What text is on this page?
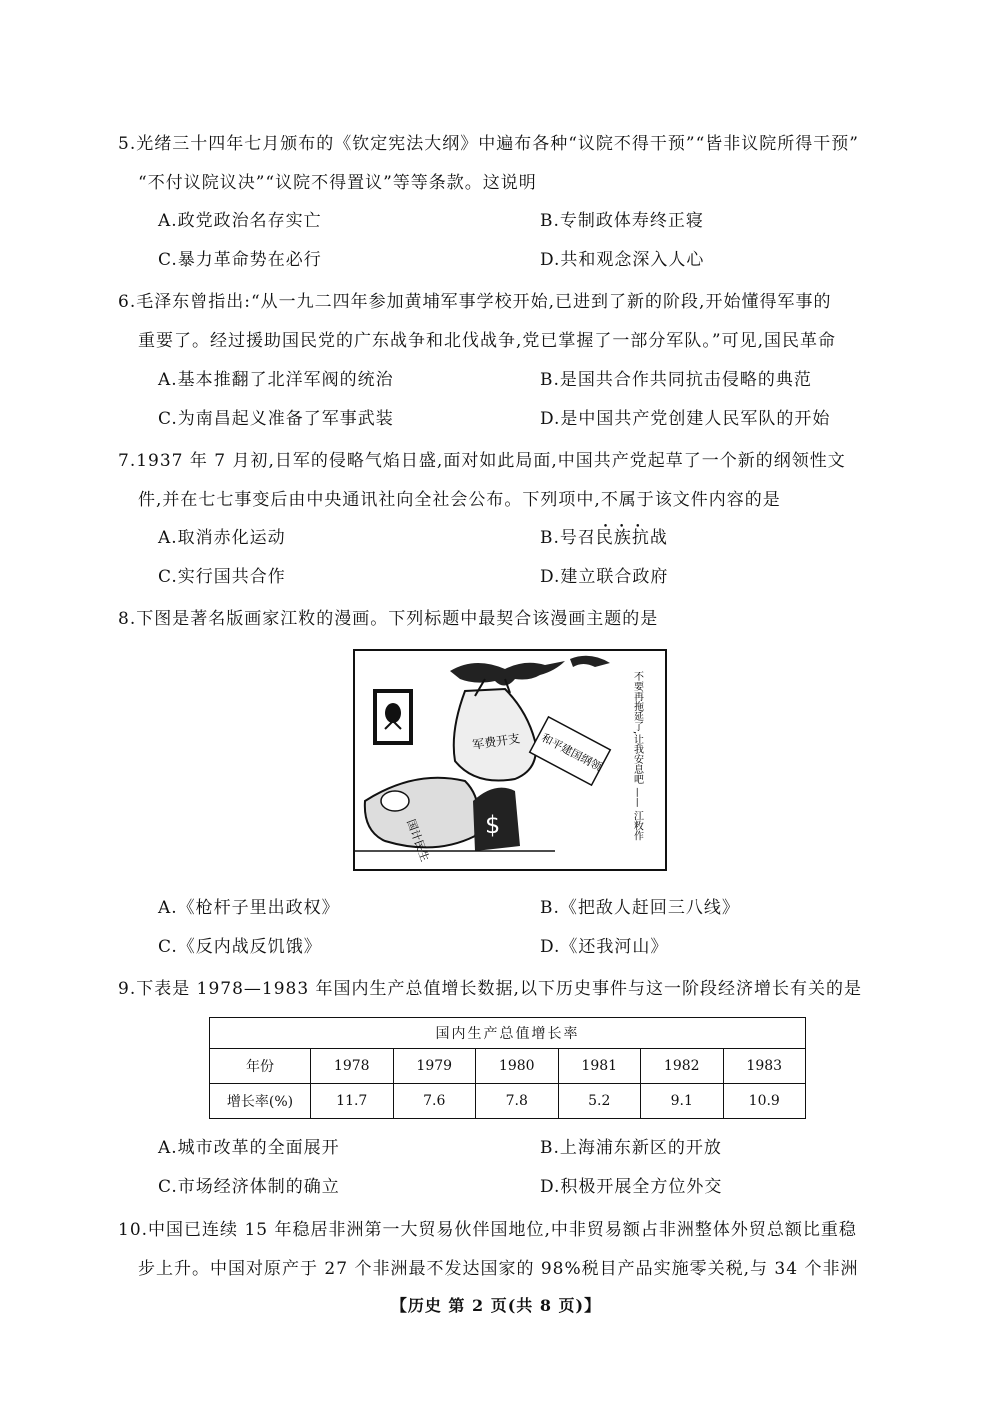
5.光绪三十四年七月颁布的《钦定宪法大纲》中遍布各种“议院不得干预”“皆非议院所得干预”
“不付议院议决”“议院不得置议”等等条款。这说明
A.政党政治名存实亡	B.专制政体寿终正寝
C.暴力革命势在必行	D.共和观念深入人心
6.毛泽东曾指出:“从一九二四年参加黄埔军事学校开始,已进到了新的阶段,开始懂得军事的
重要了。经过援助国民党的广东战争和北伐战争,党已掌握了一部分军队。”可见,国民革命
A.基本推翻了北洋军阀的统治	B.是国共合作共同抗击侵略的典范
C.为南昌起义准备了军事武装	D.是中国共产党创建人民军队的开始
7.1937 年 7 月初,日军的侵略气焰日盛,面对如此局面,中国共产党起草了一个新的纲领性文
件,并在七七事变后由中央通讯社向全社会公布。下列项中,不属于 • • •该文件内容的是
A.取消赤化运动	B.号召民族抗战
C.实行国共合作	D.建立联合政府
8.下图是著名版画家江敉的漫画。下列标题中最契合该漫画主题的是
军费开支 和平建国纲领
国计民生 $	不要再拖延了,让我安息吧 —— 江敉作
A.《枪杆子里出政权》	B.《把敌人赶回三八线》
C.《反内战反饥饿》	D.《还我河山》
9.下表是 1978—1983 年国内生产总值增长数据,以下历史事件与这一阶段经济增长有关的是
国内生产总值增长率						
年份	1978	1979	1980	1981	1982	1983
增长率(%)	11.7	7.6	7.8	5.2	9.1	10.9
A.城市改革的全面展开	B.上海浦东新区的开放
C.市场经济体制的确立	D.积极开展全方位外交
10.中国已连续 15 年稳居非洲第一大贸易伙伴国地位,中非贸易额占非洲整体外贸总额比重稳
步上升。中国对原产于 27 个非洲最不发达国家的 98%税目产品实施零关税,与 34 个非洲
【历史 第 2 页(共 8 页)】
